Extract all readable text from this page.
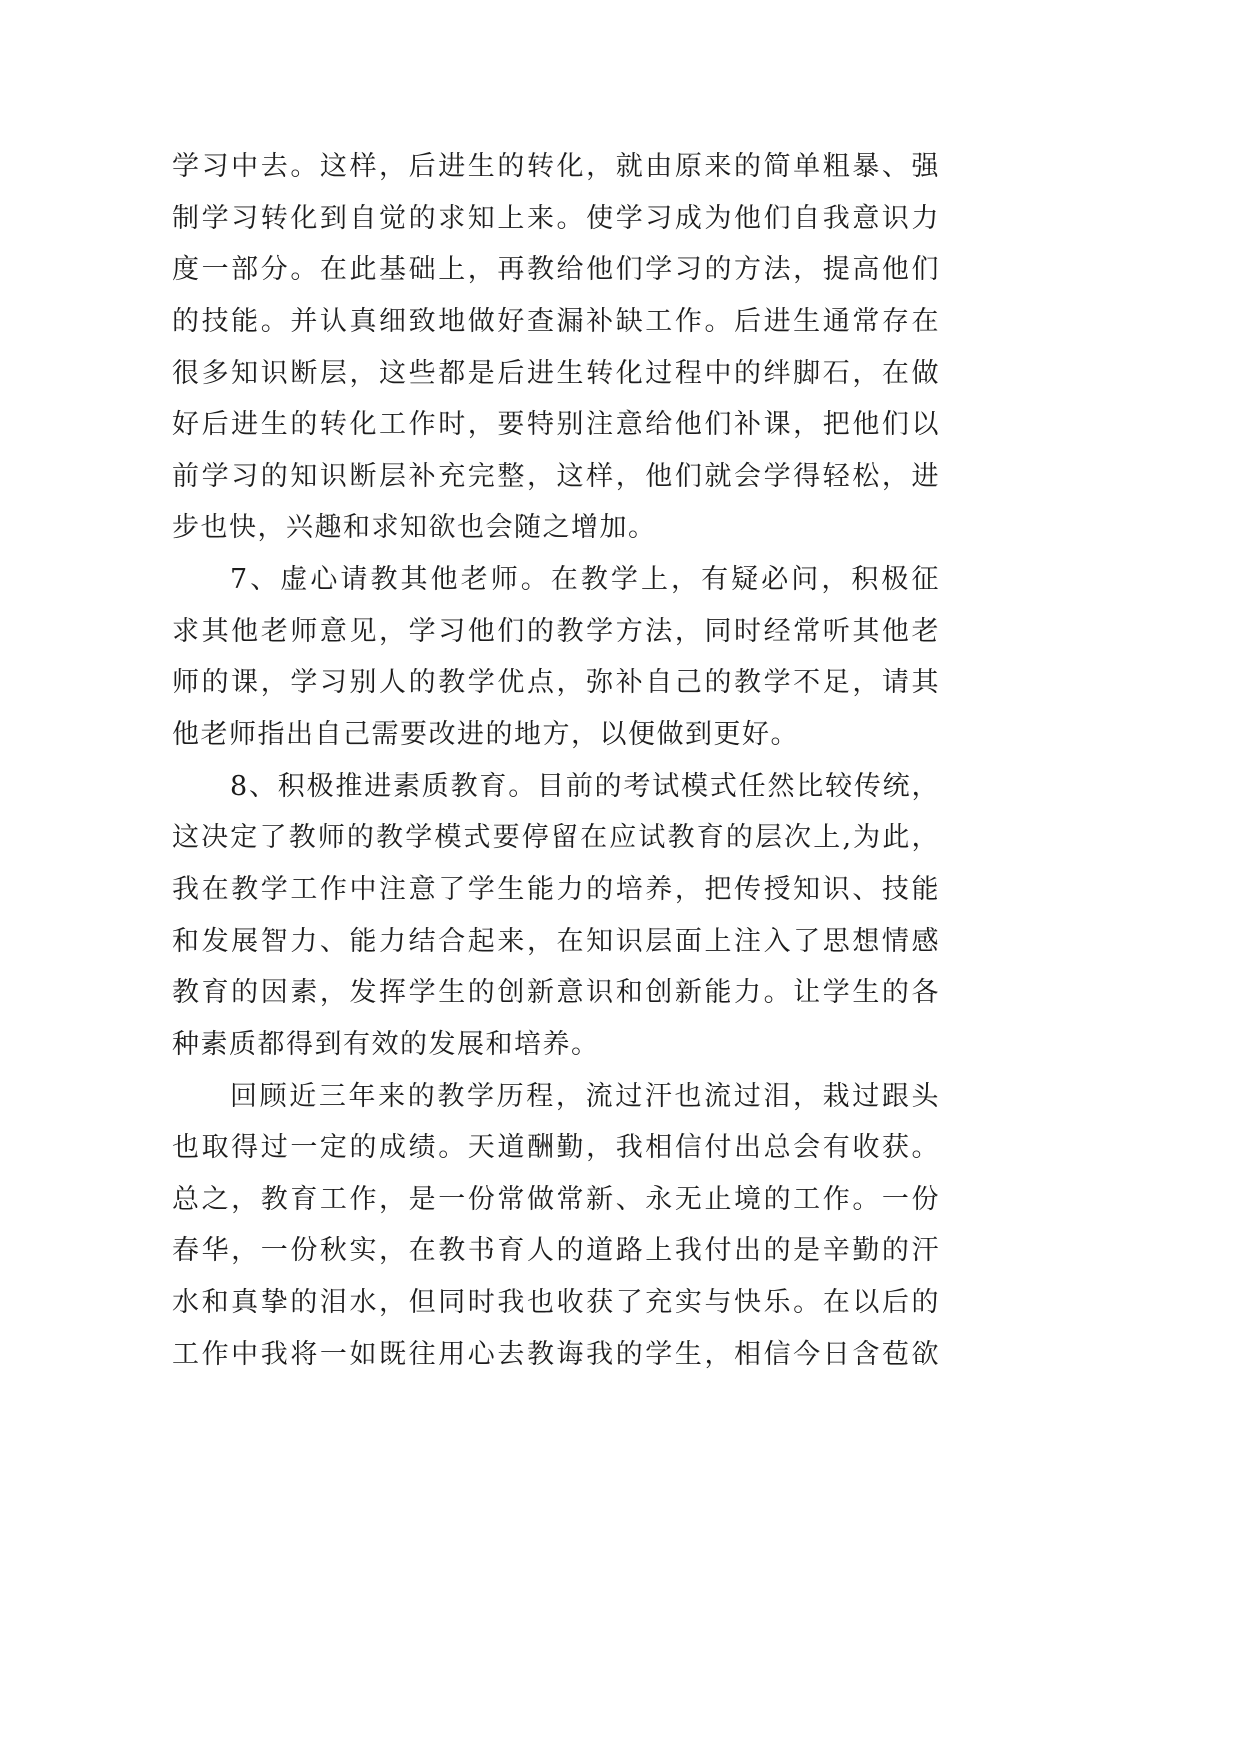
学习中去。这样，后进生的转化，就由原来的简单粗暴、强
制学习转化到自觉的求知上来。使学习成为他们自我意识力
度一部分。在此基础上，再教给他们学习的方法，提高他们
的技能。并认真细致地做好查漏补缺工作。后进生通常存在
很多知识断层，这些都是后进生转化过程中的绊脚石，在做
好后进生的转化工作时，要特别注意给他们补课，把他们以
前学习的知识断层补充完整，这样，他们就会学得轻松，进
步也快，兴趣和求知欲也会随之增加。
7、虚心请教其他老师。在教学上，有疑必问，积极征
求其他老师意见，学习他们的教学方法，同时经常听其他老
师的课，学习别人的教学优点，弥补自己的教学不足，请其
他老师指出自己需要改进的地方，以便做到更好。
8、积极推进素质教育。目前的考试模式任然比较传统，
这决定了教师的教学模式要停留在应试教育的层次上,为此，
我在教学工作中注意了学生能力的培养，把传授知识、技能
和发展智力、能力结合起来，在知识层面上注入了思想情感
教育的因素，发挥学生的创新意识和创新能力。让学生的各
种素质都得到有效的发展和培养。
回顾近三年来的教学历程，流过汗也流过泪，栽过跟头
也取得过一定的成绩。天道酬勤，我相信付出总会有收获。
总之，教育工作，是一份常做常新、永无止境的工作。一份
春华，一份秋实，在教书育人的道路上我付出的是辛勤的汗
水和真挚的泪水，但同时我也收获了充实与快乐。在以后的
工作中我将一如既往用心去教诲我的学生，相信今日含苞欲
